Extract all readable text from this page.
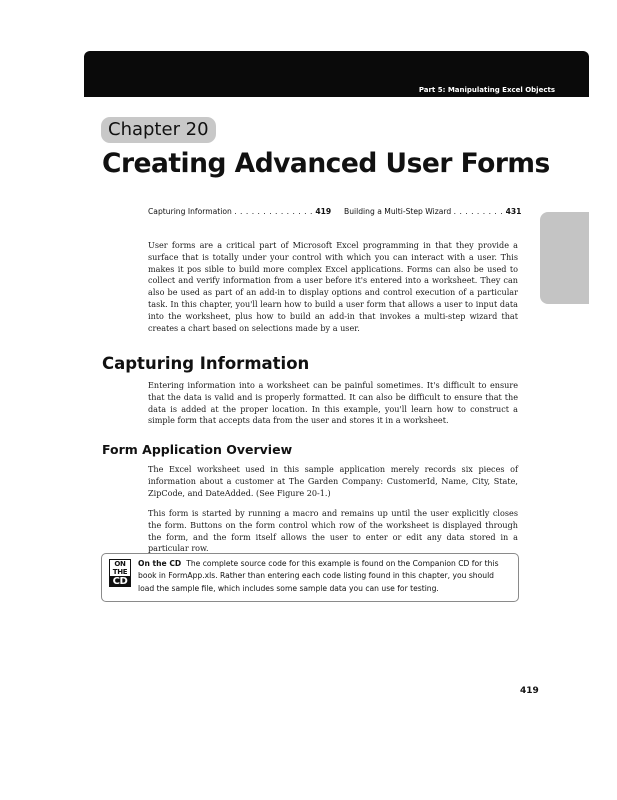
Part 5: Manipulating Excel Objects
Chapter 20
Creating Advanced User Forms
Capturing Information . . . . . . . . . . . . . . 419 Building a Multi-Step Wizard . . . . . . . . . 431

User forms are a critical part of Microsoft Excel programming in that they provide a surface that is totally under your control with which you can interact with a user. This makes it pos sible to build more complex Excel applications. Forms can also be used to collect and verify information from a user before it's entered into a worksheet. They can also be used as part of an add-in to display options and control execution of a particular task. In this chapter, you'll learn how to build a user form that allows a user to input data into the worksheet, plus how to build an add-in that invokes a multi-step wizard that creates a chart based on selections made by a user.

Capturing Information

Entering information into a worksheet can be painful sometimes. It's difficult to ensure that the data is valid and is properly formatted. It can also be difficult to ensure that the data is added at the proper location. In this example, you'll learn how to construct a simple form that accepts data from the user and stores it in a worksheet.

Form Application Overview

The Excel worksheet used in this sample application merely records six pieces of information about a customer at The Garden Company: CustomerId, Name, City, State, ZipCode, and DateAdded. (See Figure 20-1.)

This form is started by running a macro and remains up until the user explicitly closes the form. Buttons on the form control which row of the worksheet is displayed through the form, and the form itself allows the user to enter or edit any data stored in a particular row.

ON THE
CD
On the CD The complete source code for this example is found on the Companion CD for this book in FormApp.xls. Rather than entering each code listing found in this chapter, you should load the sample file, which includes some sample data you can use for testing.
419
